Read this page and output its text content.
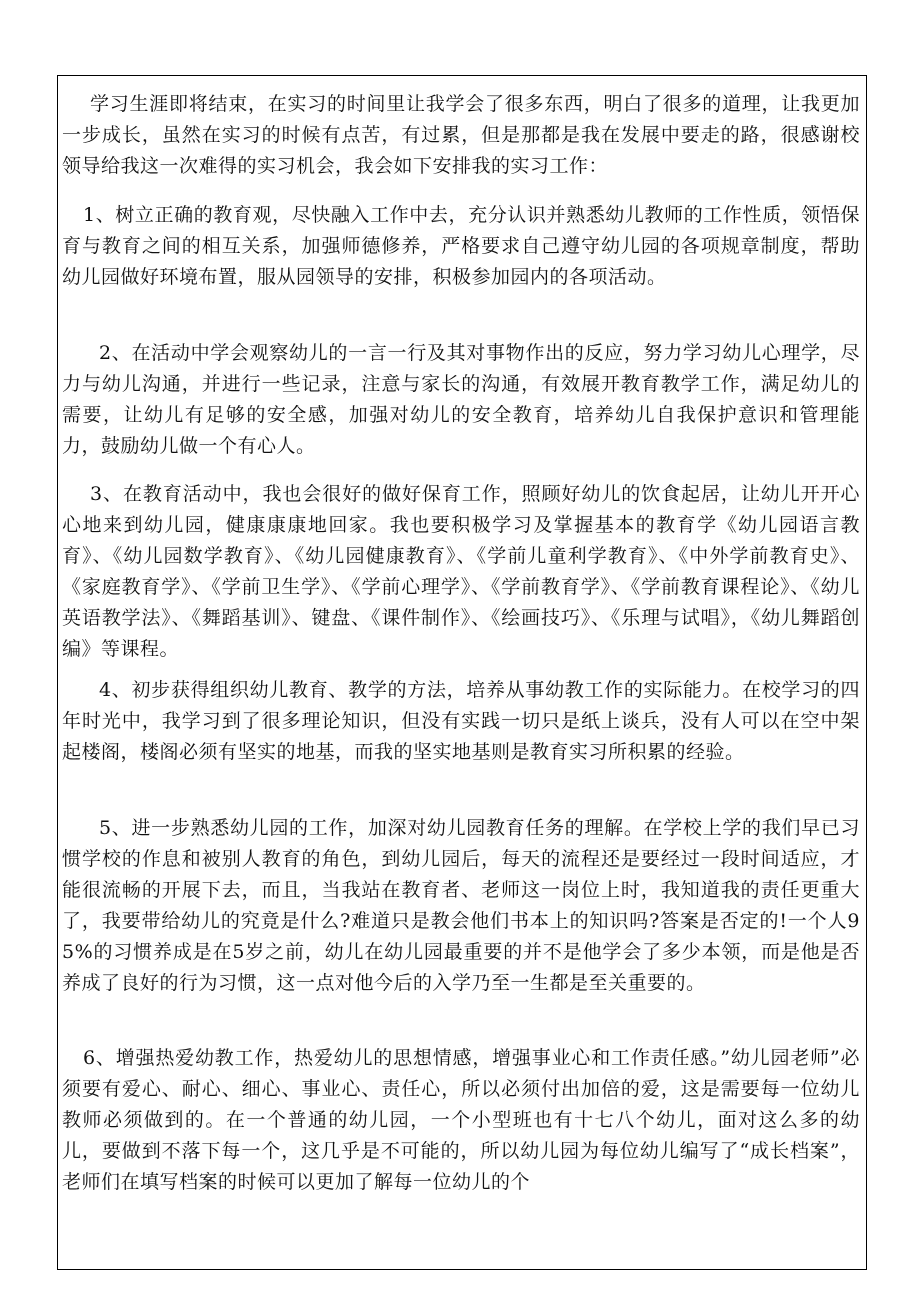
学习生涯即将结束，在实习的时间里让我学会了很多东西，明白了很多的道理，让我更加一步成长，虽然在实习的时候有点苦，有过累，但是那都是我在发展中要走的路，很感谢校领导给我这一次难得的实习机会，我会如下安排我的实习工作：

1、树立正确的教育观，尽快融入工作中去，充分认识并熟悉幼儿教师的工作性质，领悟保育与教育之间的相互关系，加强师德修养，严格要求自己遵守幼儿园的各项规章制度，帮助幼儿园做好环境布置，服从园领导的安排，积极参加园内的各项活动。

2、在活动中学会观察幼儿的一言一行及其对事物作出的反应，努力学习幼儿心理学，尽力与幼儿沟通，并进行一些记录，注意与家长的沟通，有效展开教育教学工作，满足幼儿的需要，让幼儿有足够的安全感，加强对幼儿的安全教育，培养幼儿自我保护意识和管理能力，鼓励幼儿做一个有心人。

3、在教育活动中，我也会很好的做好保育工作，照顾好幼儿的饮食起居，让幼儿开开心心地来到幼儿园，健康康康地回家。我也要积极学习及掌握基本的教育学《幼儿园语言教育》、《幼儿园数学教育》、《幼儿园健康教育》、《学前儿童利学教育》、《中外学前教育史》、《家庭教育学》、《学前卫生学》、《学前心理学》、《学前教育学》、《学前教育课程论》、《幼儿英语教学法》、《舞蹈基训》、键盘、《课件制作》、《绘画技巧》、《乐理与试唱》，《幼儿舞蹈创编》等课程。

4、初步获得组织幼儿教育、教学的方法，培养从事幼教工作的实际能力。在校学习的四年时光中，我学习到了很多理论知识，但没有实践一切只是纸上谈兵，没有人可以在空中架起楼阁，楼阁必须有坚实的地基，而我的坚实地基则是教育实习所积累的经验。

5、进一步熟悉幼儿园的工作，加深对幼儿园教育任务的理解。在学校上学的我们早已习惯学校的作息和被别人教育的角色，到幼儿园后，每天的流程还是要经过一段时间适应，才能很流畅的开展下去，而且，当我站在教育者、老师这一岗位上时，我知道我的责任更重大了，我要带给幼儿的究竟是什么?难道只是教会他们书本上的知识吗?答案是否定的!一个人95%的习惯养成是在5岁之前，幼儿在幼儿园最重要的并不是他学会了多少本领，而是他是否养成了良好的行为习惯，这一点对他今后的入学乃至一生都是至关重要的。

6、增强热爱幼教工作，热爱幼儿的思想情感，增强事业心和工作责任感。”幼儿园老师”必须要有爱心、耐心、细心、事业心、责任心，所以必须付出加倍的爱，这是需要每一位幼儿教师必须做到的。在一个普通的幼儿园，一个小型班也有十七八个幼儿，面对这么多的幼儿，要做到不落下每一个，这几乎是不可能的，所以幼儿园为每位幼儿编写了“成长档案”，老师们在填写档案的时候可以更加了解每一位幼儿的个
